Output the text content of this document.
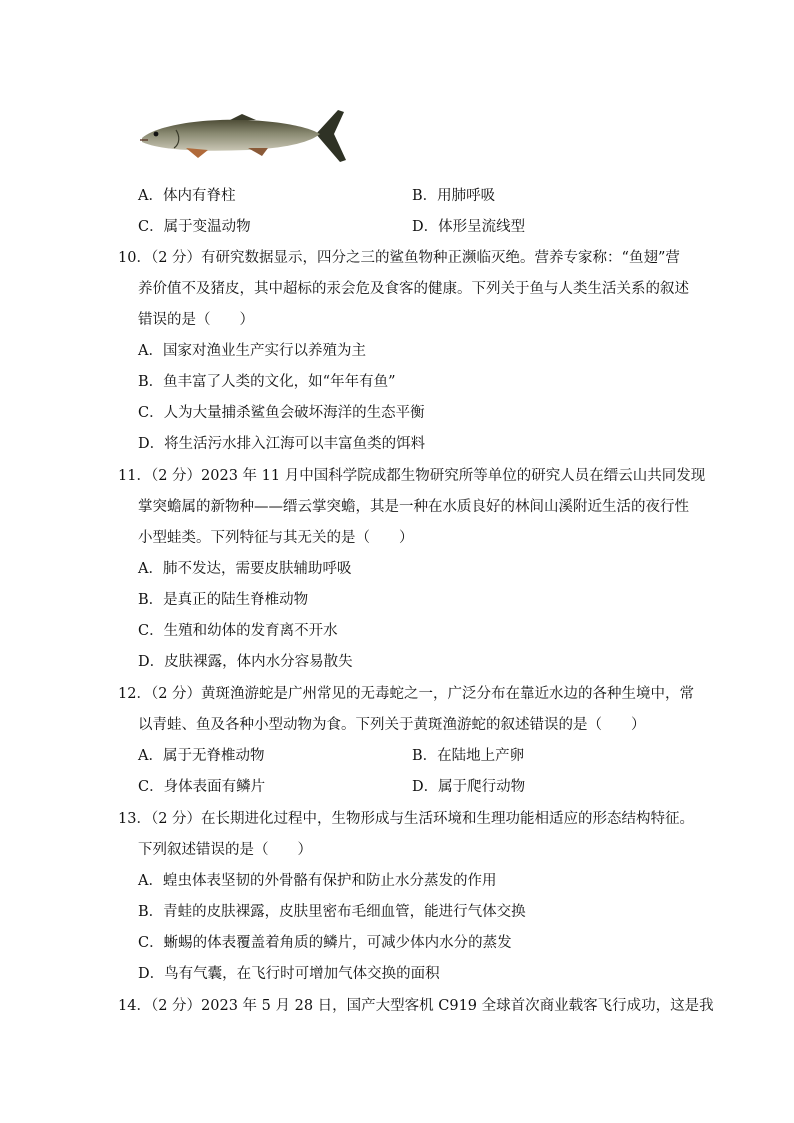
A．体内有脊柱	B．用肺呼吸
C．属于变温动物	D．体形呈流线型
10．（2 分）有研究数据显示，四分之三的鲨鱼物种正濒临灭绝。营养专家称：“鱼翅”营
养价值不及猪皮，其中超标的汞会危及食客的健康。下列关于鱼与人类生活关系的叙述
错误的是（　　）
A．国家对渔业生产实行以养殖为主
B．鱼丰富了人类的文化，如“年年有鱼”
C．人为大量捕杀鲨鱼会破坏海洋的生态平衡
D．将生活污水排入江海可以丰富鱼类的饵料
11．（2 分）2023 年 11 月中国科学院成都生物研究所等单位的研究人员在缙云山共同发现
掌突蟾属的新物种——缙云掌突蟾，其是一种在水质良好的林间山溪附近生活的夜行性
小型蛙类。下列特征与其无关的是（　　）
A．肺不发达，需要皮肤辅助呼吸
B．是真正的陆生脊椎动物
C．生殖和幼体的发育离不开水
D．皮肤裸露，体内水分容易散失
12．（2 分）黄斑渔游蛇是广州常见的无毒蛇之一，广泛分布在靠近水边的各种生境中，常
以青蛙、鱼及各种小型动物为食。下列关于黄斑渔游蛇的叙述错误的是（　　）
A．属于无脊椎动物	B．在陆地上产卵
C．身体表面有鳞片	D．属于爬行动物
13．（2 分）在长期进化过程中，生物形成与生活环境和生理功能相适应的形态结构特征。
下列叙述错误的是（　　）
A．蝗虫体表坚韧的外骨骼有保护和防止水分蒸发的作用
B．青蛙的皮肤裸露，皮肤里密布毛细血管，能进行气体交换
C．蜥蜴的体表覆盖着角质的鳞片，可减少体内水分的蒸发
D．鸟有气囊，在飞行时可增加气体交换的面积
14．（2 分）2023 年 5 月 28 日，国产大型客机 C919 全球首次商业载客飞行成功，这是我
